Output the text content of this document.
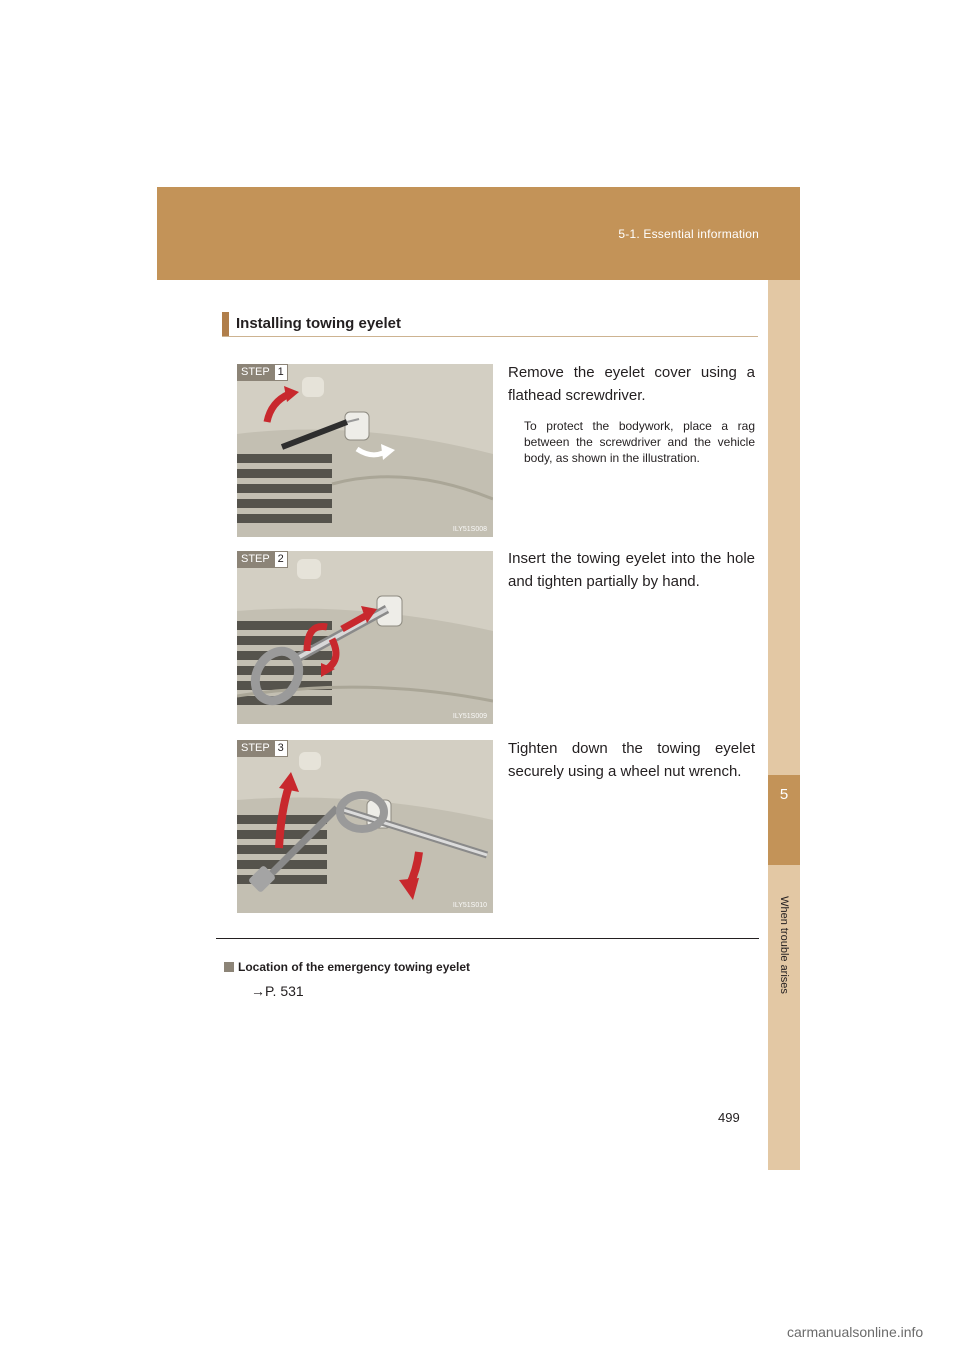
5-1. Essential information
5
When trouble arises
Installing towing eyelet
STEP 1
ILY51S008
Remove the eyelet cover using a flathead screwdriver.
To protect the bodywork, place a rag between the screwdriver and the vehicle body, as shown in the illustration.
STEP 2
ILY51S009
Insert the towing eyelet into the hole and tighten partially by hand.
STEP 3
ILY51S010
Tighten down the towing eyelet securely using a wheel nut wrench.
Location of the emergency towing eyelet
→P. 531
499
carmanualsonline.info
